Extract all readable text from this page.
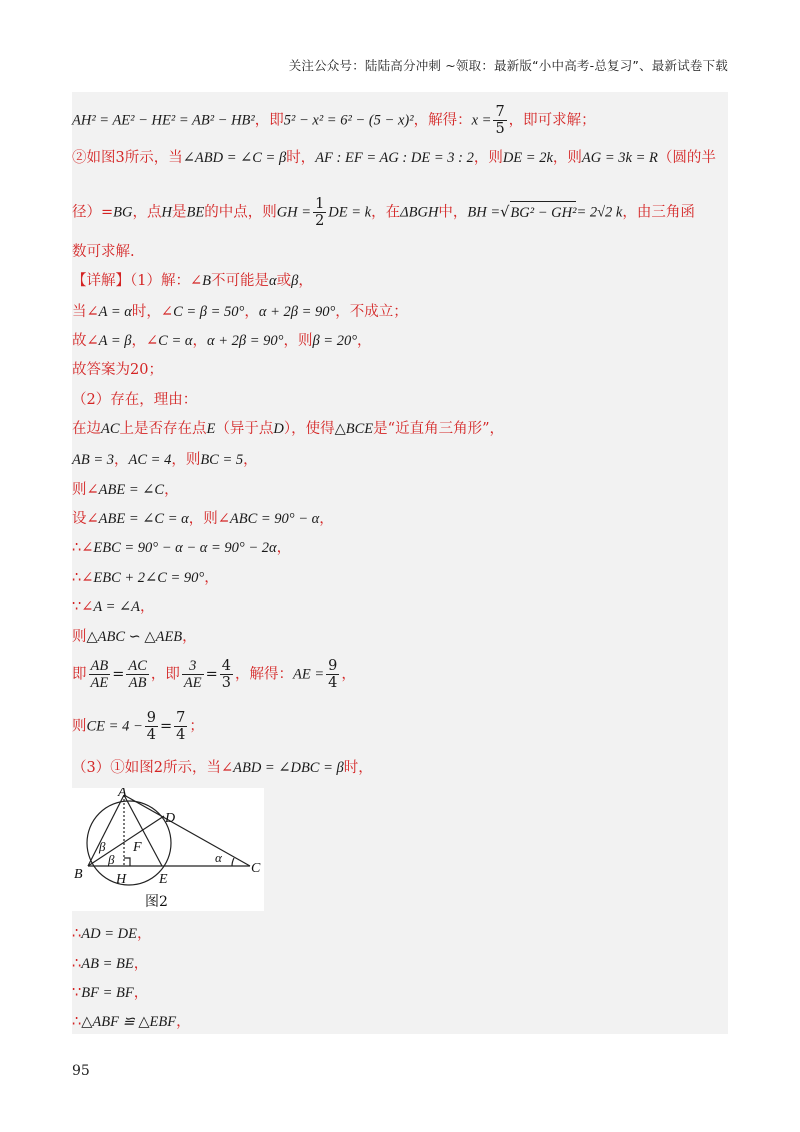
关注公众号：陆陆高分冲刺 ~领取：最新版“小中高考-总复习”、最新试卷下载
AH² = AE² − HE² = AB² − HB²，即5² − x² = 6² − (5 − x)²，解得：$x = \frac{7}{5}$ ，即可求解；
②如图3所示，当∠ABD = ∠C = β时，AF : EF = AG : DE = 3 : 2，则DE = 2k，则AG = 3k = R（圆的半
径）=BG，点H是BE的中点，则GH = $\frac{1}{2}$ DE = k，在ΔBGH中，BH =√BG² − GH²= 2√2 k，由三角函
数可求解.
【详解】（1）解：∠B不可能是α或β，
当∠A = α时，∠C = β = 50°，α + 2β = 90°，不成立；
故∠A = β，∠C = α，α + 2β = 90°，则β = 20°，
故答案为20；
（2）存在，理由：
在边AC上是否存在点E（异于点D），使得△BCE是“近直角三角形”，
AB = 3，AC = 4，则BC = 5，
则∠ABE = ∠C，
设∠ABE = ∠C = α，则∠ABC = 90° − α，
∴∠EBC = 90° − α − α = 90° − 2α，
∴∠EBC + 2∠C = 90°，
∵∠A = ∠A，
则△ABC ∽ △AEB，
即 $\frac{AB}{AE} = \frac{AC}{AB}$ ，即 $\frac{3}{AE} = \frac{4}{3}$ ，解得：AE = $\frac{9}{4}$ ，
则CE = $4 - \frac{9}{4} = \frac{7}{4}$ ；
（3）①如图2所示，当∠ABD = ∠DBC = β时，
A
D
F
B H E
C
β
β	α
图2
∴AD = DE，
∴AB = BE，
∵BF = BF，
∴△ABF ≌ △EBF，
95
